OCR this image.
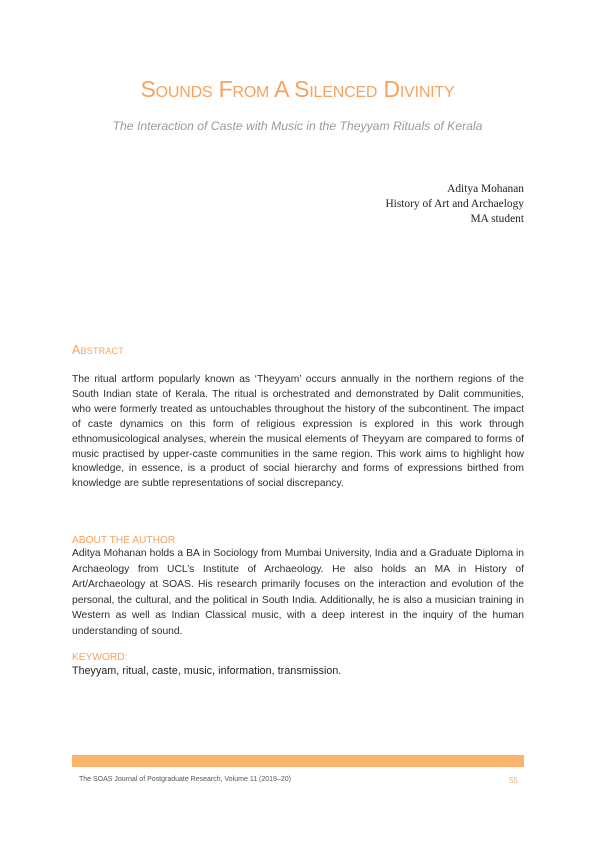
Sounds From A Silenced Divinity
The Interaction of Caste with Music in the Theyyam Rituals of Kerala
Aditya Mohanan
History of Art and Archaelogy
MA student
Abstract
The ritual artform popularly known as ‘Theyyam’ occurs annually in the northern regions of the South Indian state of Kerala. The ritual is orchestrated and demonstrated by Dalit communities, who were formerly treated as untouchables throughout the history of the subcontinent. The impact of caste dynamics on this form of religious expression is explored in this work through ethnomusicological analyses, wherein the musical elements of Theyyam are compared to forms of music practised by upper-caste communities in the same region. This work aims to highlight how knowledge, in essence, is a product of social hierarchy and forms of expressions birthed from knowledge are subtle representations of social discrepancy.
ABOUT THE AUTHOR
Aditya Mohanan holds a BA in Sociology from Mumbai University, India and a Graduate Diploma in Archaeology from UCL’s Institute of Archaeology. He also holds an MA in History of Art/Archaeology at SOAS. His research primarily focuses on the interaction and evolution of the personal, the cultural, and the political in South India. Additionally, he is also a musician training in Western as well as Indian Classical music, with a deep interest in the inquiry of the human understanding of sound.
KEYWORD:
Theyyam, ritual, caste, music, information, transmission.
The SOAS Journal of Postgraduate Research, Volume 11 (2019–20)	55
